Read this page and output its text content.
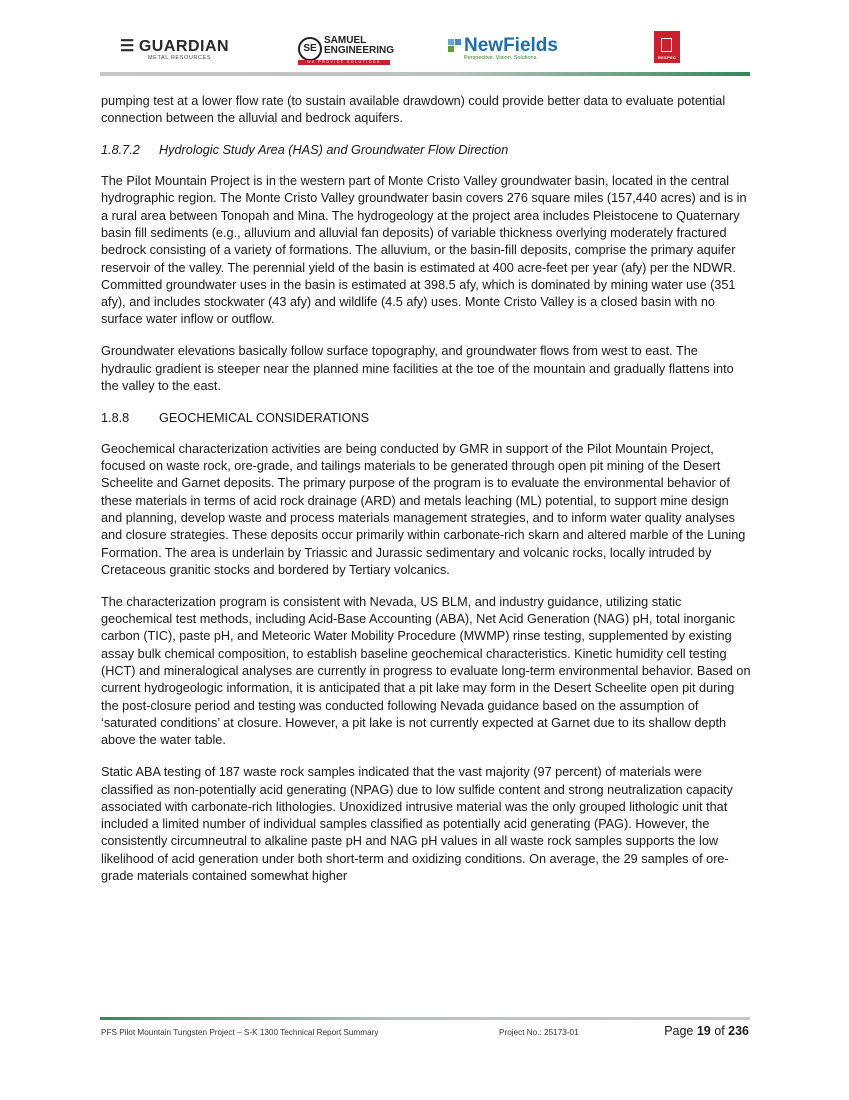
☰ GUARDIAN
METAL RESOURCES
SE
SAMUEL
ENGINEERING
WE PROVIDE SOLUTIONS
NewFields
Perspective. Vision. Solutions.	RESPEC

pumping test at a lower flow rate (to sustain available drawdown) could provide better data to evaluate potential connection between the alluvial and bedrock aquifers.

1.8.7.2 Hydrologic Study Area (HAS) and Groundwater Flow Direction

The Pilot Mountain Project is in the western part of Monte Cristo Valley groundwater basin, located in the central hydrographic region. The Monte Cristo Valley groundwater basin covers 276 square miles (157,440 acres) and is in a rural area between Tonopah and Mina. The hydrogeology at the project area includes Pleistocene to Quaternary basin fill sediments (e.g., alluvium and alluvial fan deposits) of variable thickness overlying moderately fractured bedrock consisting of a variety of formations. The alluvium, or the basin-fill deposits, comprise the primary aquifer reservoir of the valley. The perennial yield of the basin is estimated at 400 acre-feet per year (afy) per the NDWR. Committed groundwater uses in the basin is estimated at 398.5 afy, which is dominated by mining water use (351 afy), and includes stockwater (43 afy) and wildlife (4.5 afy) uses. Monte Cristo Valley is a closed basin with no surface water inflow or outflow.

Groundwater elevations basically follow surface topography, and groundwater flows from west to east. The hydraulic gradient is steeper near the planned mine facilities at the toe of the mountain and gradually flattens into the valley to the east.

1.8.8 GEOCHEMICAL CONSIDERATIONS

Geochemical characterization activities are being conducted by GMR in support of the Pilot Mountain Project, focused on waste rock, ore-grade, and tailings materials to be generated through open pit mining of the Desert Scheelite and Garnet deposits. The primary purpose of the program is to evaluate the environmental behavior of these materials in terms of acid rock drainage (ARD) and metals leaching (ML) potential, to support mine design and planning, develop waste and process materials management strategies, and to inform water quality analyses and closure strategies. These deposits occur primarily within carbonate-rich skarn and altered marble of the Luning Formation. The area is underlain by Triassic and Jurassic sedimentary and volcanic rocks, locally intruded by Cretaceous granitic stocks and bordered by Tertiary volcanics.

The characterization program is consistent with Nevada, US BLM, and industry guidance, utilizing static geochemical test methods, including Acid-Base Accounting (ABA), Net Acid Generation (NAG) pH, total inorganic carbon (TIC), paste pH, and Meteoric Water Mobility Procedure (MWMP) rinse testing, supplemented by existing assay bulk chemical composition, to establish baseline geochemical characteristics. Kinetic humidity cell testing (HCT) and mineralogical analyses are currently in progress to evaluate long-term environmental behavior. Based on current hydrogeologic information, it is anticipated that a pit lake may form in the Desert Scheelite open pit during the post-closure period and testing was conducted following Nevada guidance based on the assumption of ‘saturated conditions’ at closure. However, a pit lake is not currently expected at Garnet due to its shallow depth above the water table.

Static ABA testing of 187 waste rock samples indicated that the vast majority (97 percent) of materials were classified as non-potentially acid generating (NPAG) due to low sulfide content and strong neutralization capacity associated with carbonate-rich lithologies. Unoxidized intrusive material was the only grouped lithologic unit that included a limited number of individual samples classified as potentially acid generating (PAG). However, the consistently circumneutral to alkaline paste pH and NAG pH values in all waste rock samples supports the low likelihood of acid generation under both short-term and oxidizing conditions. On average, the 29 samples of ore-grade materials contained somewhat higher

PFS Pilot Mountain Tungsten Project – S-K 1300 Technical Report Summary	Project No.: 25173-01	Page 19 of 236
